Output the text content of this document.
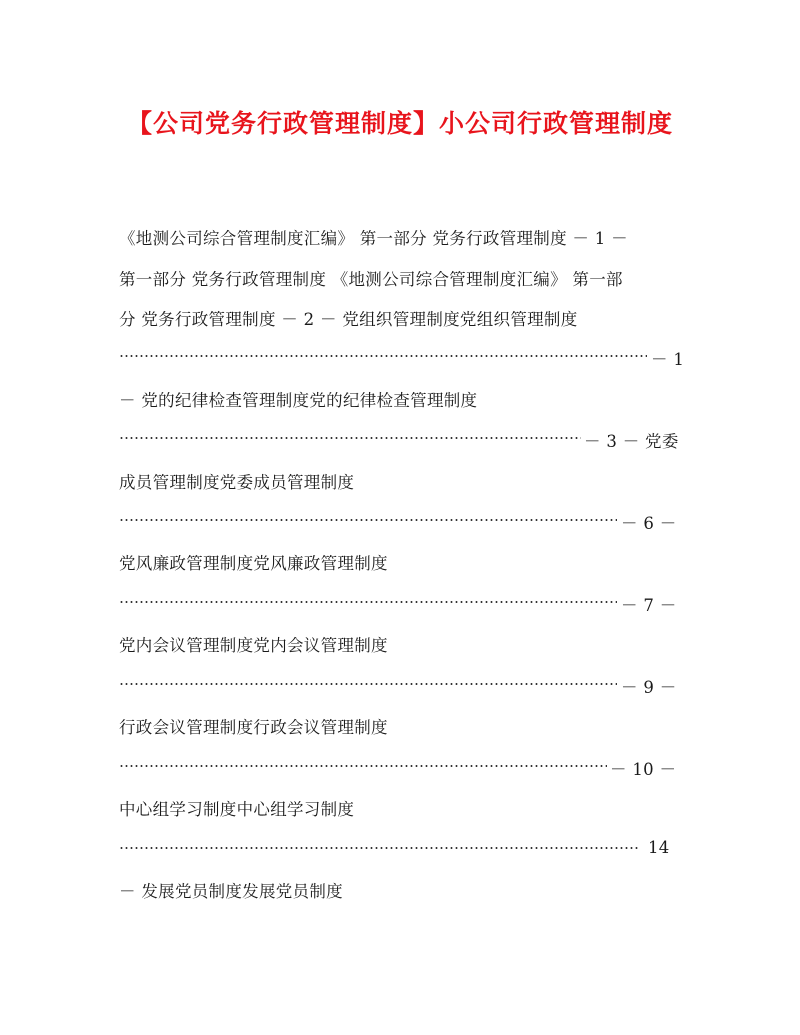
【公司党务行政管理制度】小公司行政管理制度
《地测公司综合管理制度汇编》 第一部分 党务行政管理制度 － 1 －
第一部分 党务行政管理制度 《地测公司综合管理制度汇编》 第一部
分 党务行政管理制度 － 2 － 党组织管理制度党组织管理制度
－ 1
－ 党的纪律检查管理制度党的纪律检查管理制度
－ 3 － 党委
成员管理制度党委成员管理制度
－ 6 －
党风廉政管理制度党风廉政管理制度
－ 7 －
党内会议管理制度党内会议管理制度
－ 9 －
行政会议管理制度行政会议管理制度
－ 10 －
中心组学习制度中心组学习制度
14
－ 发展党员制度发展党员制度
